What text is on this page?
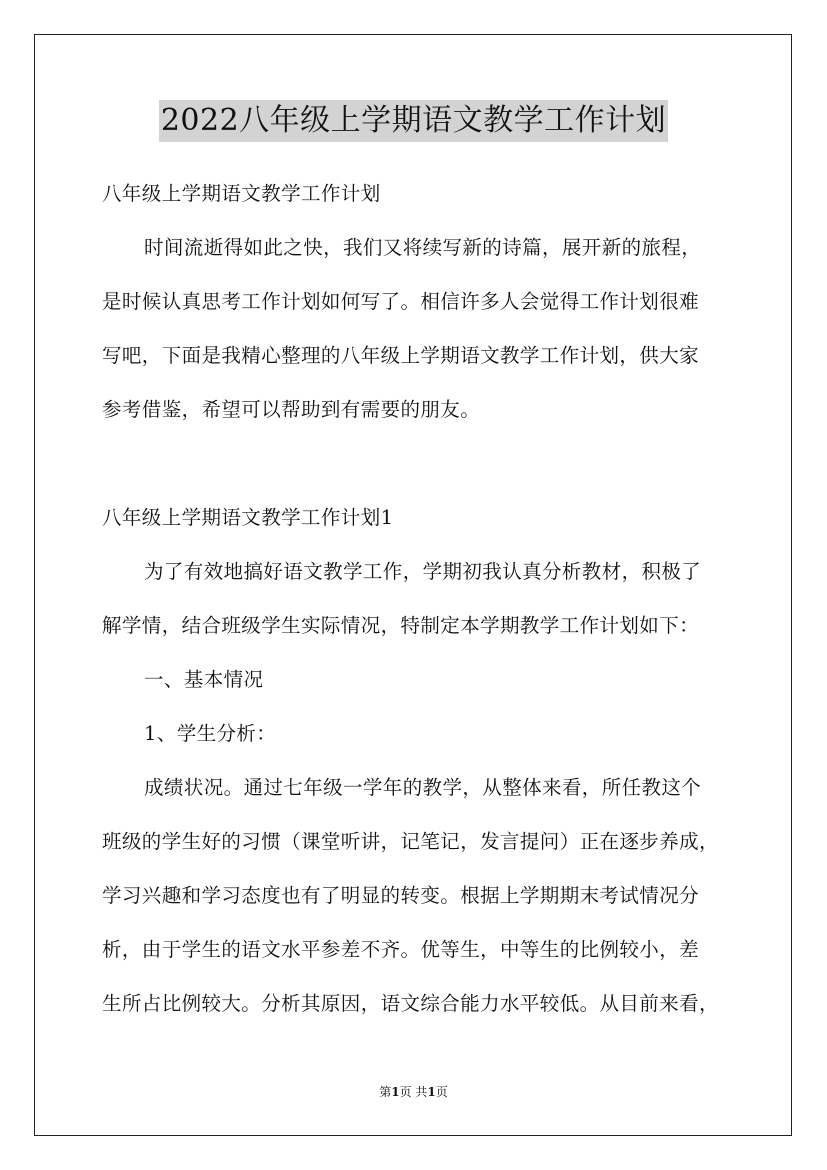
2022八年级上学期语文教学工作计划
八年级上学期语文教学工作计划
时间流逝得如此之快，我们又将续写新的诗篇，展开新的旅程，
是时候认真思考工作计划如何写了。相信许多人会觉得工作计划很难
写吧，下面是我精心整理的八年级上学期语文教学工作计划，供大家
参考借鉴，希望可以帮助到有需要的朋友。
八年级上学期语文教学工作计划1
为了有效地搞好语文教学工作，学期初我认真分析教材，积极了
解学情，结合班级学生实际情况，特制定本学期教学工作计划如下：
一、基本情况
1、学生分析：
成绩状况。通过七年级一学年的教学，从整体来看，所任教这个
班级的学生好的习惯（课堂听讲，记笔记，发言提问）正在逐步养成，
学习兴趣和学习态度也有了明显的转变。根据上学期期末考试情况分
析，由于学生的语文水平参差不齐。优等生，中等生的比例较小，差
生所占比例较大。分析其原因，语文综合能力水平较低。从目前来看，
第1页 共1页
